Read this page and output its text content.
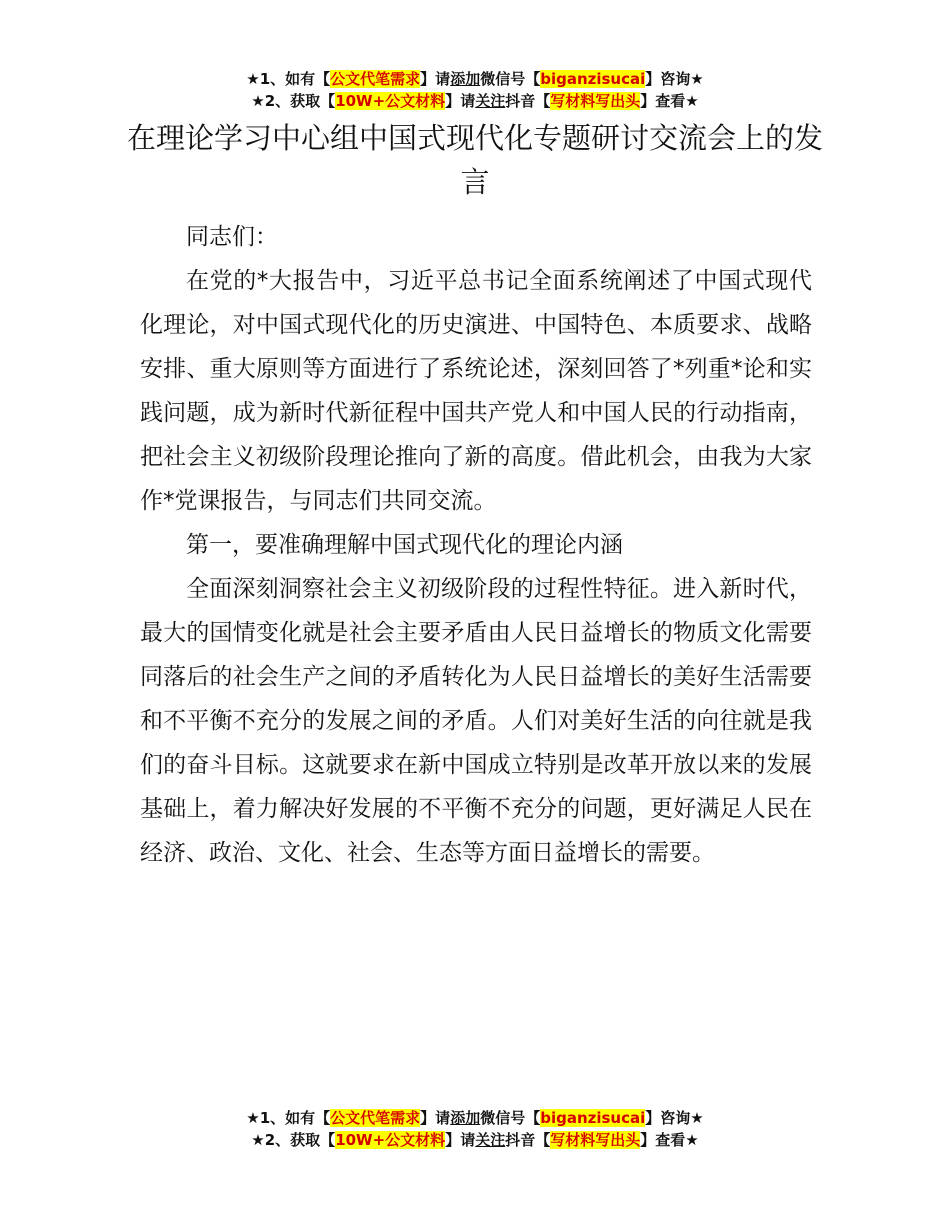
★1、如有【公文代笔需求】请添加微信号【biganzisucai】咨询★
★2、获取【10W+公文材料】请关注抖音【写材料写出头】查看★
在理论学习中心组中国式现代化专题研讨交流会上的发言

同志们：

在党的*大报告中，习近平总书记全面系统阐述了中国式现代化理论，对中国式现代化的历史演进、中国特色、本质要求、战略安排、重大原则等方面进行了系统论述，深刻回答了*列重*论和实践问题，成为新时代新征程中国共产党人和中国人民的行动指南，把社会主义初级阶段理论推向了新的高度。借此机会，由我为大家作*党课报告，与同志们共同交流。

第一，要准确理解中国式现代化的理论内涵

全面深刻洞察社会主义初级阶段的过程性特征。进入新时代，最大的国情变化就是社会主要矛盾由人民日益增长的物质文化需要同落后的社会生产之间的矛盾转化为人民日益增长的美好生活需要和不平衡不充分的发展之间的矛盾。人们对美好生活的向往就是我们的奋斗目标。这就要求在新中国成立特别是改革开放以来的发展基础上，着力解决好发展的不平衡不充分的问题，更好满足人民在经济、政治、文化、社会、生态等方面日益增长的需要。

★1、如有【公文代笔需求】请添加微信号【biganzisucai】咨询★
★2、获取【10W+公文材料】请关注抖音【写材料写出头】查看★
